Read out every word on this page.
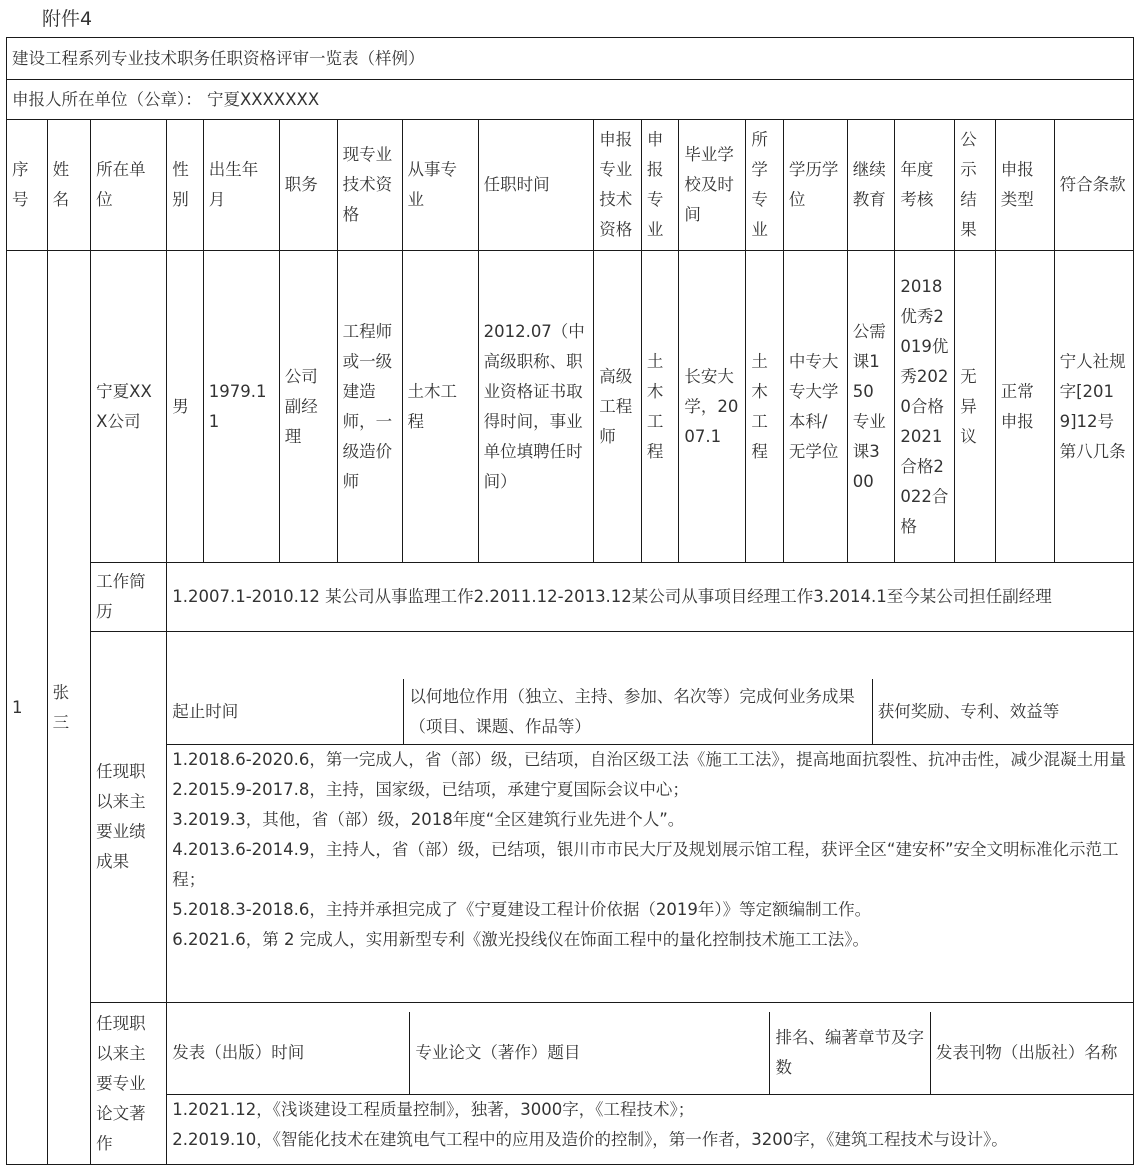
附件4
建设工程系列专业技术职务任职资格评审一览表（样例）
申报人所在单位（公章）： 宁夏XXXXXXX
序号	姓名	所在单位	性别	出生年月	职务	现专业技术资格	从事专业	任职时间	申报专业技术资格	申报专业	毕业学校及时间	所学专业	学历学位	继续教育	年度考核	公示结果	申报类型	符合条款
1	张三	宁夏XXX公司	男	1979.11	公司副经理	工程师或一级建造师，一级造价师	土木工程	2012.07（中高级职称、职业资格证书取得时间，事业单位填聘任时间）	高级工程师	土木工程	长安大学，2007.1	土木工程	中专大专大学本科/无学位	公需课150专业课300	2018优秀2019优秀2020合格2021合格2022合格	无异议	正常申报	宁人社规字[2019]12号第八几条
工作简历	1.2007.1-2010.12 某公司从事监理工作2.2011.12-2013.12某公司从事项目经理工作3.2014.1至今某公司担任副经理
任现职以来主要业绩成果	
起止时间	以何地位作用（独立、主持、参加、名次等）完成何业务成果（项目、课题、作品等）	获何奖励、专利、效益等

1.2018.6-2020.6，第一完成人，省（部）级，已结项，自治区级工法《施工工法》，提高地面抗裂性、抗冲击性，减少混凝土用量
2.2015.9-2017.8，主持，国家级，已结项，承建宁夏国际会议中心；
3.2019.3，其他，省（部）级，2018年度“全区建筑行业先进个人”。
4.2013.6-2014.9，主持人，省（部）级，已结项，银川市市民大厅及规划展示馆工程，获评全区“建安杯”安全文明标准化示范工程；
5.2018.3-2018.6，主持并承担完成了《宁夏建设工程计价依据（2019年）》等定额编制工作。
6.2021.6，第 2 完成人，实用新型专利《激光投线仪在饰面工程中的量化控制技术施工工法》。

任现职以来主要专业论文著作	
发表（出版）时间	专业论文（著作）题目	排名、编著章节及字数	发表刊物（出版社）名称

1.2021.12，《浅谈建设工程质量控制》，独著，3000字，《工程技术》；
2.2019.10，《智能化技术在建筑电气工程中的应用及造价的控制》，第一作者，3200字，《建筑工程技术与设计》。
